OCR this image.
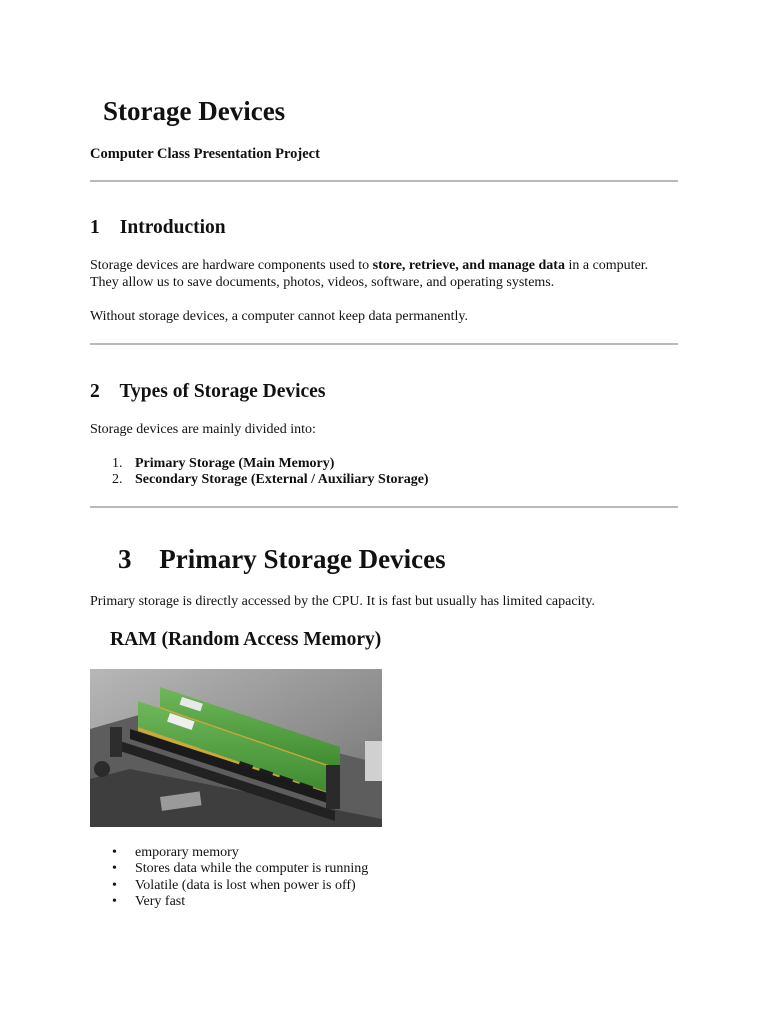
Storage Devices

Computer Class Presentation Project

1⃣ Introduction

Storage devices are hardware components used to store, retrieve, and manage data in a computer. They allow us to save documents, photos, videos, software, and operating systems.

Without storage devices, a computer cannot keep data permanently.

2⃣ Types of Storage Devices

Storage devices are mainly divided into:

1. Primary Storage (Main Memory)
2. Secondary Storage (External / Auxiliary Storage)
3⃣ Primary Storage Devices

Primary storage is directly accessed by the CPU. It is fast but usually has limited capacity.

RAM (Random Access Memory)
• emporary memory
• Stores data while the computer is running
• Volatile (data is lost when power is off)
• Very fast
